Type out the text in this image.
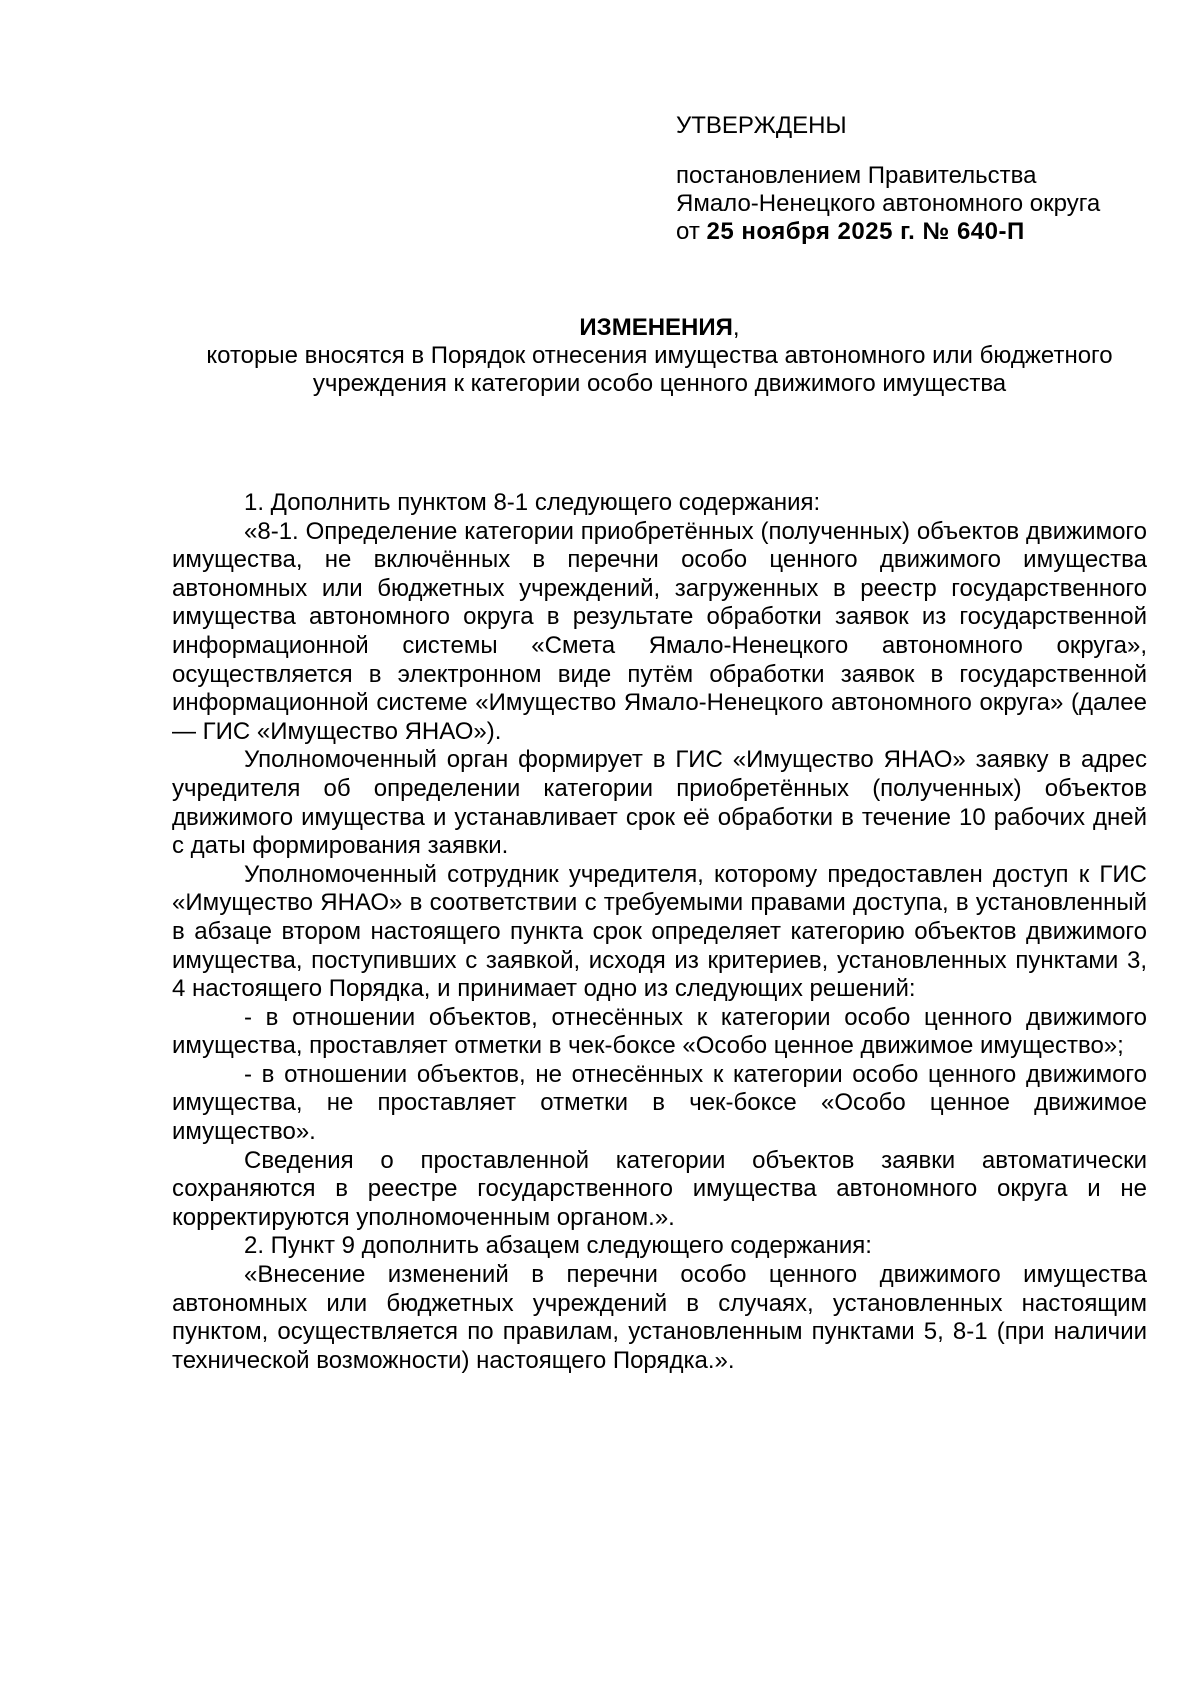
УТВЕРЖДЕНЫ
постановлением Правительства
Ямало-Ненецкого автономного округа
от 25 ноября 2025 г. № 640-П
ИЗМЕНЕНИЯ,
которые вносятся в Порядок отнесения имущества автономного или бюджетного учреждения к категории особо ценного движимого имущества

1. Дополнить пунктом 8-1 следующего содержания:

«8-1. Определение категории приобретённых (полученных) объектов движимого имущества, не включённых в перечни особо ценного движимого имущества автономных или бюджетных учреждений, загруженных в реестр государственного имущества автономного округа в результате обработки заявок из государственной информационной системы «Смета Ямало-Ненецкого автономного округа», осуществляется в электронном виде путём обработки заявок в государственной информационной системе «Имущество Ямало-Ненецкого автономного округа» (далее — ГИС «Имущество ЯНАО»).

Уполномоченный орган формирует в ГИС «Имущество ЯНАО» заявку в адрес учредителя об определении категории приобретённых (полученных) объектов движимого имущества и устанавливает срок её обработки в течение 10 рабочих дней с даты формирования заявки.

Уполномоченный сотрудник учредителя, которому предоставлен доступ к ГИС «Имущество ЯНАО» в соответствии с требуемыми правами доступа, в установленный в абзаце втором настоящего пункта срок определяет категорию объектов движимого имущества, поступивших с заявкой, исходя из критериев, установленных пунктами 3, 4 настоящего Порядка, и принимает одно из следующих решений:

- в отношении объектов, отнесённых к категории особо ценного движимого имущества, проставляет отметки в чек-боксе «Особо ценное движимое имущество»;

- в отношении объектов, не отнесённых к категории особо ценного движимого имущества, не проставляет отметки в чек-боксе «Особо ценное движимое имущество».

Сведения о проставленной категории объектов заявки автоматически сохраняются в реестре государственного имущества автономного округа и не корректируются уполномоченным органом.».

2. Пункт 9 дополнить абзацем следующего содержания:

«Внесение изменений в перечни особо ценного движимого имущества автономных или бюджетных учреждений в случаях, установленных настоящим пунктом, осуществляется по правилам, установленным пунктами 5, 8-1 (при наличии технической возможности) настоящего Порядка.».
